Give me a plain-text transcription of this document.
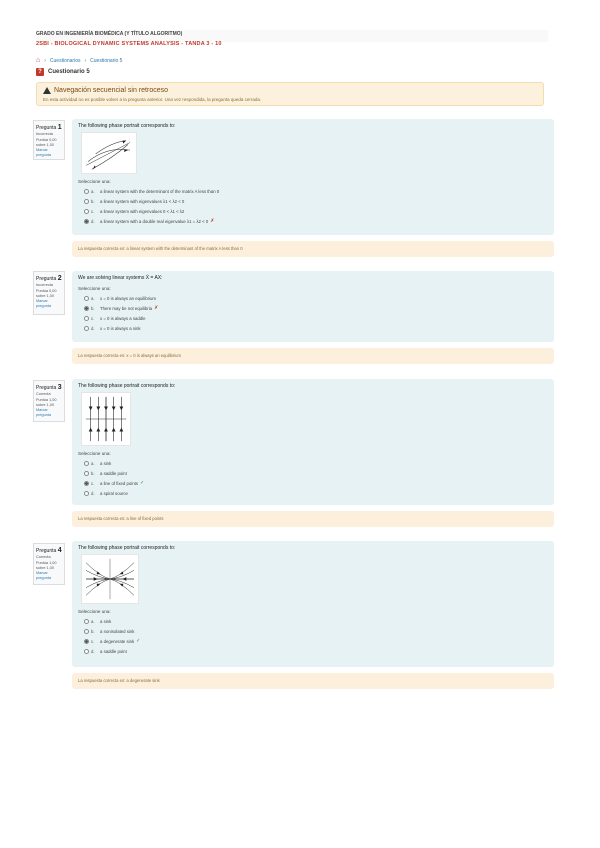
GRADO EN INGENIERÍA BIOMÉDICA (Y TÍTULO ALGORITMO)
2SBI - BIOLOGICAL DYNAMIC SYSTEMS ANALYSIS - TANDA 3 - 10
⌂ › Cuestionarios › Cuestionario 5
?	Cuestionario 5
Navegación secuencial sin retroceso
En esta actividad no es posible volver a la pregunta anterior. Una vez respondida, la pregunta queda cerrada.
Pregunta 1
Incorrecta
Puntúa 0,00 sobre 1,00
Marcar pregunta
The following phase portrait corresponds to:
Seleccione una:
a.	a linear system with the determinant of the matrix A less than 0
b.	a linear system with eigenvalues λ1 < λ2 < 0
c.	a linear system with eigenvalues 0 < λ1 < λ2
d.	a linear system with a double real eigenvalue λ1 = λ2 < 0 ✗
La respuesta correcta es: a linear system with the determinant of the matrix A less than 0
Pregunta 2
Incorrecta
Puntúa 0,00 sobre 1,00
Marcar pregunta
We are solving linear systems Ẋ = AX:
Seleccione una:
a.	x = 0 is always an equilibrium
b.	There may be not equilibria ✗
c.	x = 0 is always a saddle
d.	x = 0 is always a sink
La respuesta correcta es: x = 0 is always an equilibrium
Pregunta 3
Correcta
Puntúa 1,00 sobre 1,00
Marcar pregunta
The following phase portrait corresponds to:
Seleccione una:
a.	a sink
b.	a saddle point
c.	a line of fixed points ✓
d.	a spiral source
La respuesta correcta es: a line of fixed points
Pregunta 4
Correcta
Puntúa 1,00 sobre 1,00
Marcar pregunta
The following phase portrait corresponds to:
Seleccione una:
a.	a sink
b.	a nonisolated sink
c.	a degenerate sink ✓
d.	a saddle point
La respuesta correcta es: a degenerate sink
